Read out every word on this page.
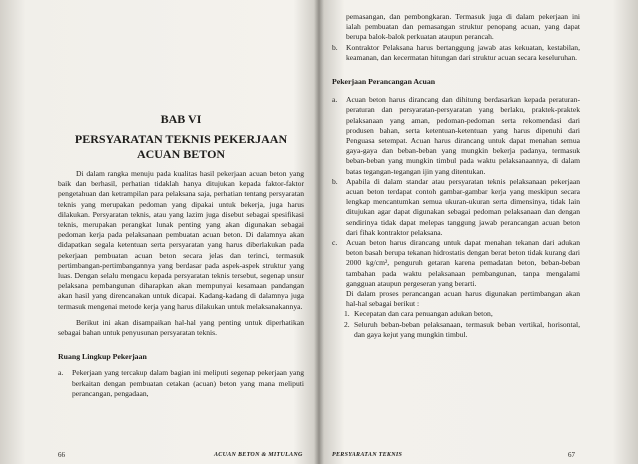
BAB VI

PERSYARATAN TEKNIS PEKERJAAN

ACUAN BETON

Di dalam rangka menuju pada kualitas hasil pekerjaan acuan beton yang baik dan berhasil, perhatian tidaklah hanya ditujukan kepada faktor-faktor pengetahuan dan ketrampilan para pelaksana saja, perhatian tentang persyaratan teknis yang merupakan pedoman yang dipakai untuk bekerja, juga harus dilakukan. Persyaratan teknis, atau yang lazim juga disebut sebagai spesifikasi teknis, merupakan perangkat lunak penting yang akan digunakan sebagai pedoman kerja pada pelaksanaan pembuatan acuan beton. Di dalamnya akan didapatkan segala ketentuan serta persyaratan yang harus diberlakukan pada pekerjaan pembuatan acuan beton secara jelas dan terinci, termasuk pertimbangan-pertimbangannya yang berdasar pada aspek-aspek struktur yang luas. Dengan selalu mengacu kepada persyaratan teknis tersebut, segenap unsur pelaksana pembangunan diharapkan akan mempunyai kesamaan pandangan akan hasil yang direncanakan untuk dicapai. Kadang-kadang di dalamnya juga termasuk mengenai metode kerja yang harus dilakukan untuk melaksanakannya.

Berikut ini akan disampaikan hal-hal yang penting untuk diperhatikan sebagai bahan untuk penyusunan persyaratan teknis.

Ruang Lingkup Pekerjaan

a. Pekerjaan yang tercakup dalam bagian ini meliputi segenap pekerjaan yang berkaitan dengan pembuatan cetakan (acuan) beton yang mana meliputi perancangan, pengadaan,

66	ACUAN BETON & MITULANG

pemasangan, dan pembongkaran. Termasuk juga di dalam pekerjaan ini ialah pembuatan dan pemasangan struktur penopang acuan, yang dapat berupa balok-balok perkuatan ataupun perancah.

b. Kontraktor Pelaksana harus bertanggung jawab atas kekuatan, kestabilan, keamanan, dan kecermatan hitungan dari struktur acuan secara keseluruhan.

Pekerjaan Perancangan Acuan

a. Acuan beton harus dirancang dan dihitung berdasarkan kepada peraturan-peraturan dan persyaratan-persyaratan yang berlaku, praktek-praktek pelaksanaan yang aman, pedoman-pedoman serta rekomendasi dari produsen bahan, serta ketentuan-ketentuan yang harus dipenuhi dari Penguasa setempat. Acuan harus dirancang untuk dapat menahan semua gaya-gaya dan beban-beban yang mungkin bekerja padanya, termasuk beban-beban yang mungkin timbul pada waktu pelaksanaannya, di dalam batas tegangan-tegangan ijin yang ditentukan.

b. Apabila di dalam standar atau persyaratan teknis pelaksanaan pekerjaan acuan beton terdapat contoh gambar-gambar kerja yang meskipun secara lengkap mencantumkan semua ukuran-ukuran serta dimensinya, tidak lain ditujukan agar dapat digunakan sebagai pedoman pelaksanaan dan dengan sendirinya tidak dapat melepas tanggung jawab perancangan acuan beton dari fihak kontraktor pelaksana.

c. Acuan beton harus dirancang untuk dapat menahan tekanan dari adukan beton basah berupa tekanan hidrostatis dengan berat beton tidak kurang dari 2000 kg/cm², penguruh getaran karena pemadatan beton, beban-beban tambahan pada waktu pelaksanaan pembangunan, tanpa mengalami gangguan ataupun pergeseran yang berarti.

Di dalam proses perancangan acuan harus digunakan pertimbangan akan hal-hal sebagai berikut :

1. Kecepatan dan cara penuangan adukan beton,

2. Seluruh beban-beban pelaksanaan, termasuk beban vertikal, horisontal, dan gaya kejut yang mungkin timbul.

PERSYARATAN TEKNIS	67
